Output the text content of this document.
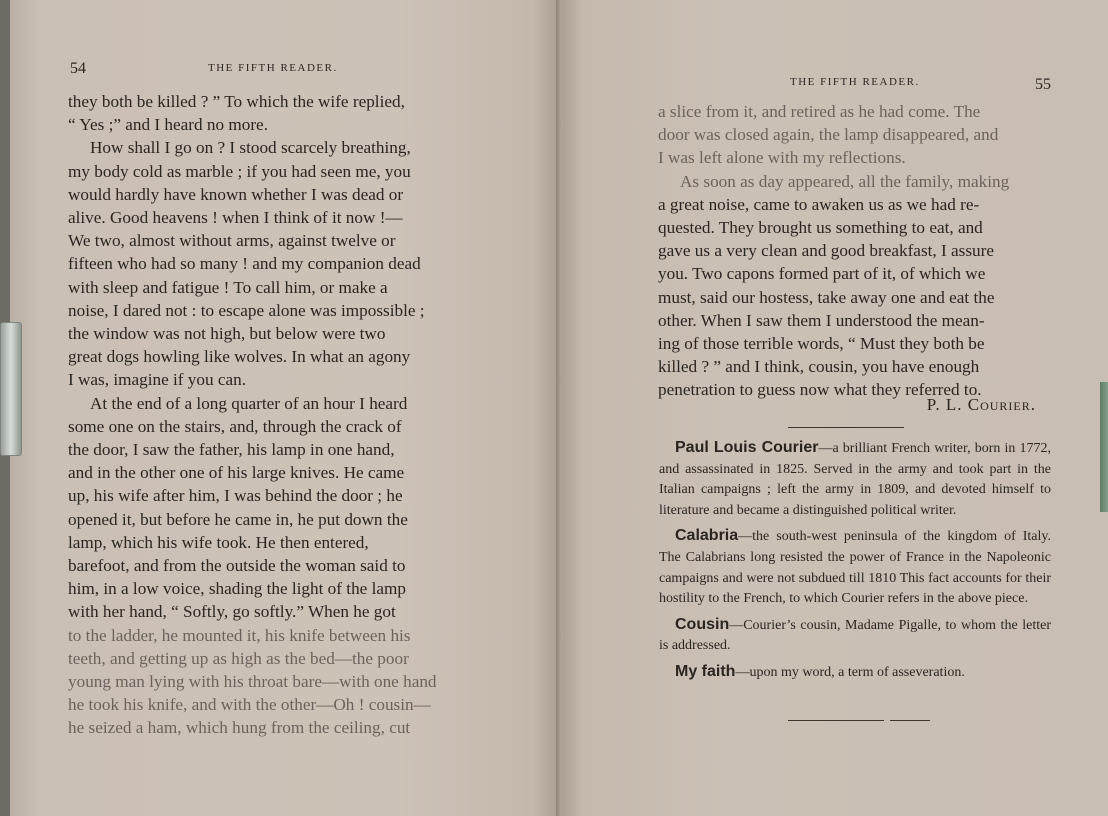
54	THE FIFTH READER.
they both be killed ? ” To which the wife replied,
“ Yes ;” and I heard no more.
How shall I go on ? I stood scarcely breathing,
my body cold as marble ; if you had seen me, you
would hardly have known whether I was dead or
alive. Good heavens ! when I think of it now !—
We two, almost without arms, against twelve or
fifteen who had so many ! and my companion dead
with sleep and fatigue ! To call him, or make a
noise, I dared not : to escape alone was impossible ;
the window was not high, but below were two
great dogs howling like wolves. In what an agony
I was, imagine if you can.
At the end of a long quarter of an hour I heard
some one on the stairs, and, through the crack of
the door, I saw the father, his lamp in one hand,
and in the other one of his large knives. He came
up, his wife after him, I was behind the door ; he
opened it, but before he came in, he put down the
lamp, which his wife took. He then entered,
barefoot, and from the outside the woman said to
him, in a low voice, shading the light of the lamp
with her hand, “ Softly, go softly.” When he got
to the ladder, he mounted it, his knife between his
teeth, and getting up as high as the bed—the poor
young man lying with his throat bare—with one hand
he took his knife, and with the other—Oh ! cousin—
he seized a ham, which hung from the ceiling, cut
THE FIFTH READER.	55
a slice from it, and retired as he had come. The
door was closed again, the lamp disappeared, and
I was left alone with my reflections.
As soon as day appeared, all the family, making
a great noise, came to awaken us as we had re-
quested. They brought us something to eat, and
gave us a very clean and good breakfast, I assure
you. Two capons formed part of it, of which we
must, said our hostess, take away one and eat the
other. When I saw them I understood the mean-
ing of those terrible words, “ Must they both be
killed ? ” and I think, cousin, you have enough
penetration to guess now what they referred to.
P. L. Courier.

Paul Louis Courier—a brilliant French writer, born in 1772, and assassinated in 1825. Served in the army and took part in the Italian campaigns ; left the army in 1809, and devoted himself to literature and became a distinguished political writer.

Calabria—the south-west peninsula of the kingdom of Italy. The Calabrians long resisted the power of France in the Napoleonic campaigns and were not subdued till 1810 This fact accounts for their hostility to the French, to which Courier refers in the above piece.

Cousin—Courier’s cousin, Madame Pigalle, to whom the letter is addressed.

My faith—upon my word, a term of asseveration.
